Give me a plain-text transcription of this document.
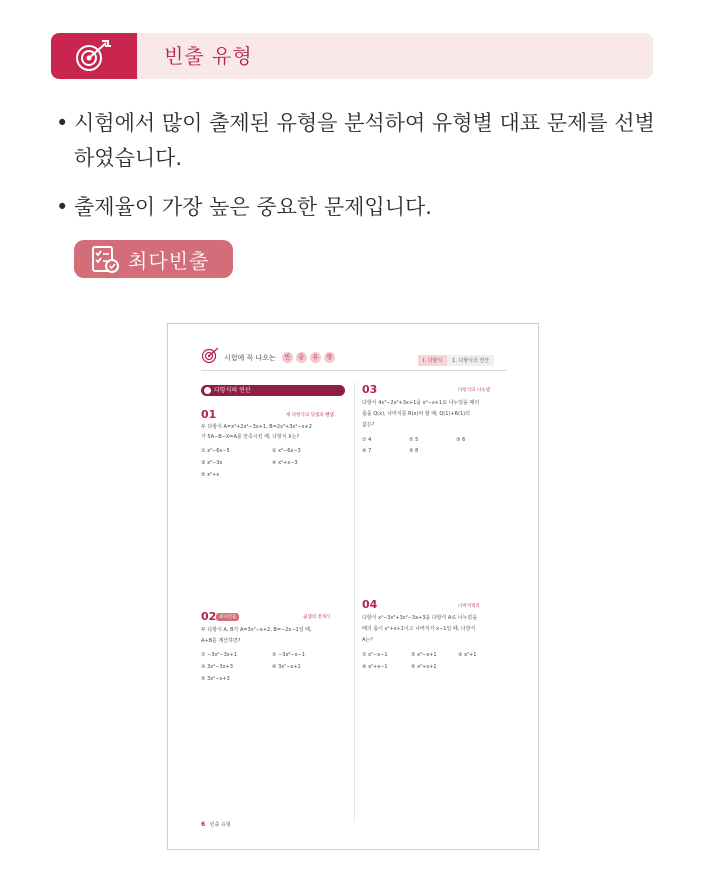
빈출 유형
• 시험에서 많이 출제된 유형을 분석하여 유형별 대표 문제를 선별하였습니다.
• 출제율이 가장 높은 중요한 문제입니다.
최다빈출
시험에 꼭 나오는	빈	출	유	형	Ⅰ. 다항식	1. 다항식의 연산
다항식의 연산
01	세 다항식의 덧셈과 뺄셈
두 다항식 A=x³+2x²−3x+1, B=2x³+3x²−x+2
가 5A−B−X=A를 만족시킬 때, 다항식 X는?
① x²−6x−5	② x²−6x−3
③ x²−3x	④ x²+x−3
⑤ x²+x
03	다항식의 나눗셈
다항식 4x³−2x²+3x+1을 x²−x+1로 나누었을 때의
몫을 Q(x), 나머지를 R(x)라 할 때, Q(1)+R(1)의
값은?
① 4	② 5	③ 6
④ 7	⑤ 8
02 최다빈출	곱셈의 전개식
두 다항식 A, B가 A=3x²−x+2, B=−2x−1일 때,
A+B를 계산하면?
① −3x²−3x+1	② −3x²−x−1
③ 3x²−3x+3	④ 3x²−x+1
⑤ 3x²−x+3
04	나머지정리
다항식 x⁴−3x³+3x²−3x+3을 다항식 A로 나누었을
때의 몫이 x²+x+1이고 나머지가 x−1일 때, 다항식
A는?
① x²−x−1	② x²−x+1	③ x²+1
④ x²+x−1	⑤ x²+x+1
6 빈출 유형
